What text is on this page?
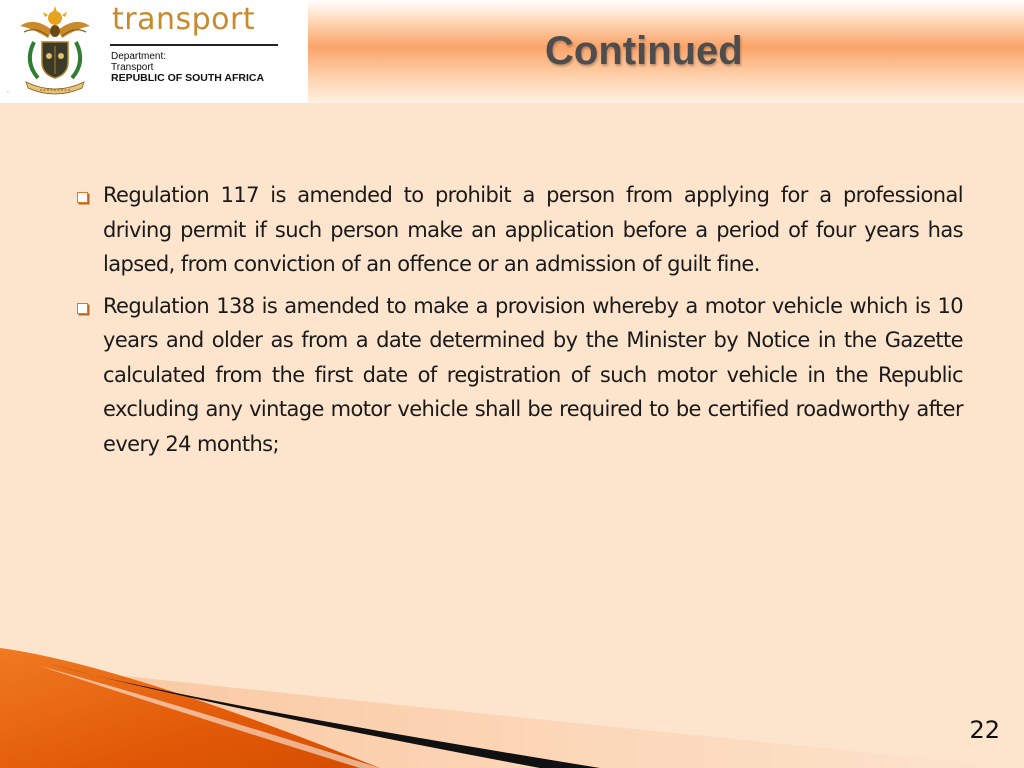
transport
Department:
Transport
REPUBLIC OF SOUTH AFRICA
.
Continued
Regulation 117 is amended to prohibit a person from applying for a professional driving permit if such person make an application before a period of four years has lapsed, from conviction of an offence or an admission of guilt fine.
Regulation 138 is amended to make a provision whereby a motor vehicle which is 10 years and older as from a date determined by the Minister by Notice in the Gazette calculated from the first date of registration of such motor vehicle in the Republic excluding any vintage motor vehicle shall be required to be certified roadworthy after every 24 months;
22
